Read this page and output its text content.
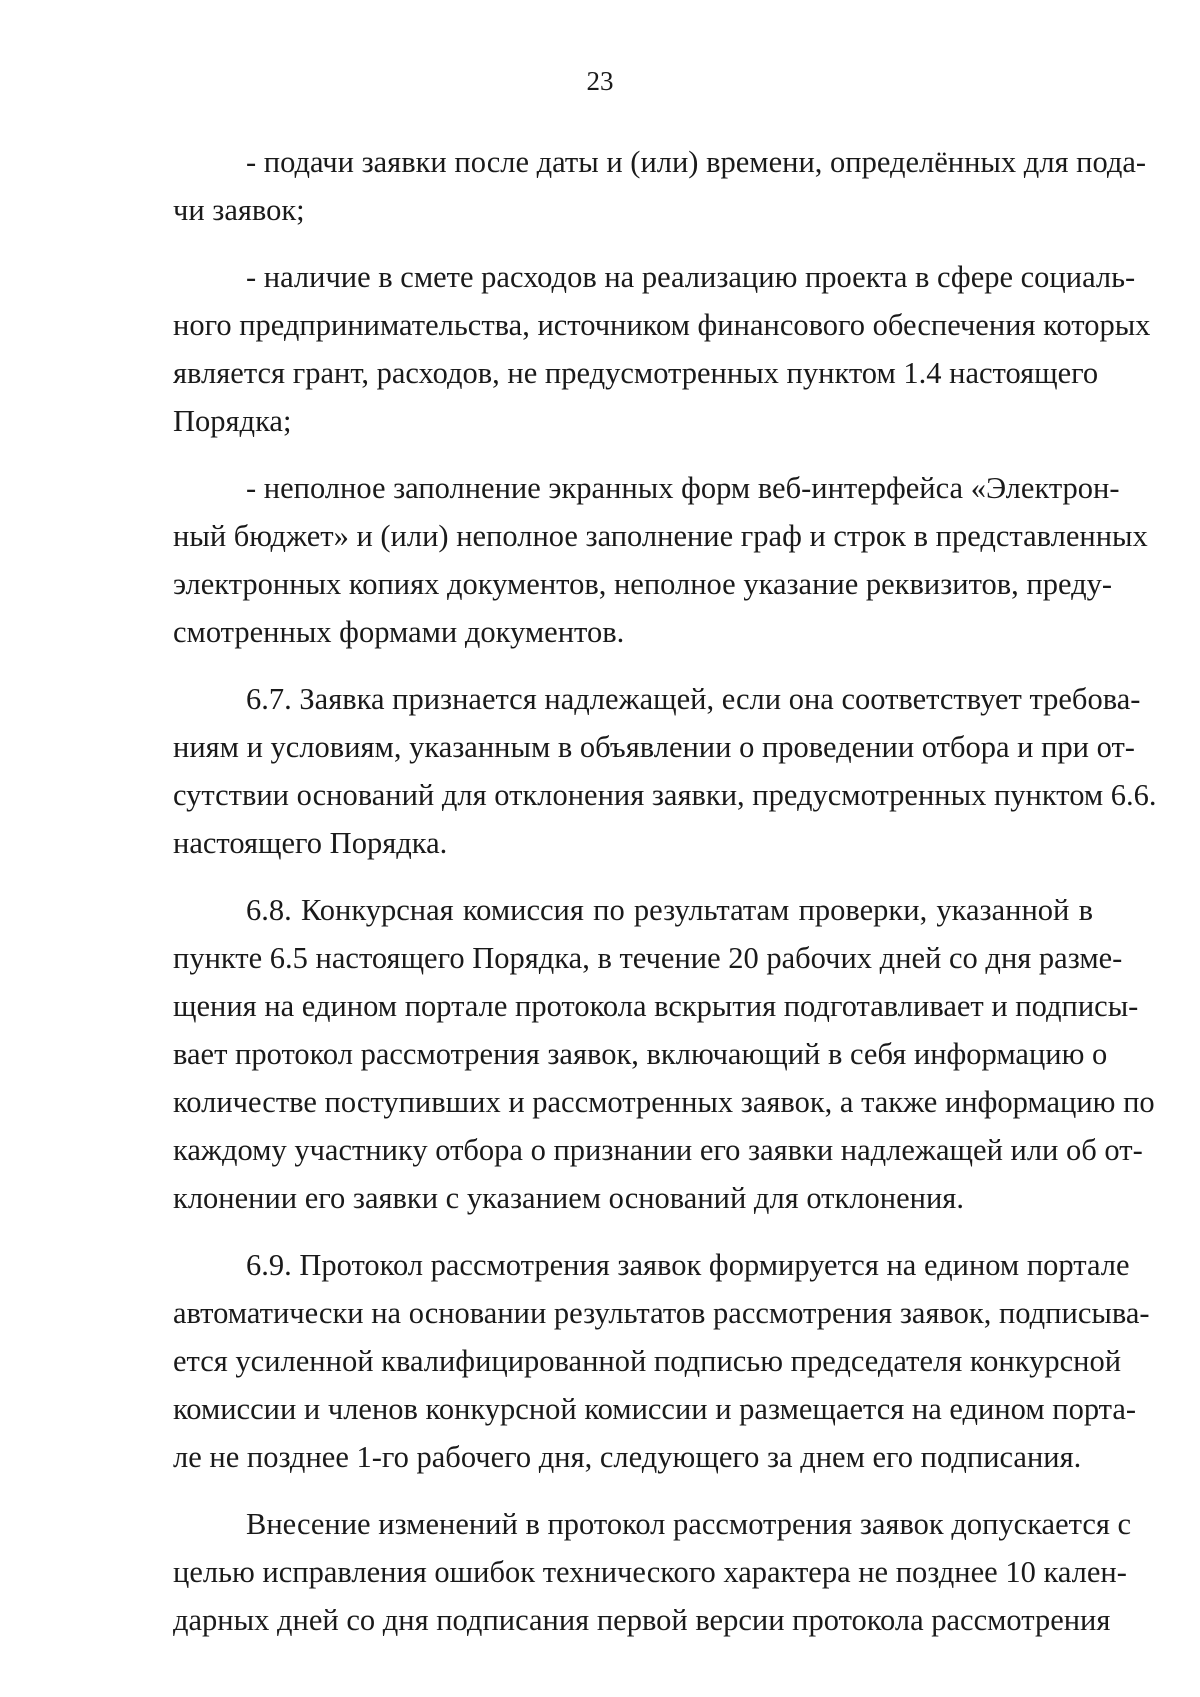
23
- подачи заявки после даты и (или) времени, определённых для пода-
чи заявок;
- наличие в смете расходов на реализацию проекта в сфере социаль-
ного предпринимательства, источником финансового обеспечения которых
является грант, расходов, не предусмотренных пунктом 1.4 настоящего
Порядка;
- неполное заполнение экранных форм веб-интерфейса «Электрон-
ный бюджет» и (или) неполное заполнение граф и строк в представленных
электронных копиях документов, неполное указание реквизитов, преду-
смотренных формами документов.
6.7. Заявка признается надлежащей, если она соответствует требова-
ниям и условиям, указанным в объявлении о проведении отбора и при от-
сутствии оснований для отклонения заявки, предусмотренных пунктом 6.6.
настоящего Порядка.
6.8. Конкурсная комиссия по результатам проверки, указанной в
пункте 6.5 настоящего Порядка, в течение 20 рабочих дней со дня разме-
щения на едином портале протокола вскрытия подготавливает и подписы-
вает протокол рассмотрения заявок, включающий в себя информацию о
количестве поступивших и рассмотренных заявок, а также информацию по
каждому участнику отбора о признании его заявки надлежащей или об от-
клонении его заявки с указанием оснований для отклонения.
6.9. Протокол рассмотрения заявок формируется на едином портале
автоматически на основании результатов рассмотрения заявок, подписыва-
ется усиленной квалифицированной подписью председателя конкурсной
комиссии и членов конкурсной комиссии и размещается на едином порта-
ле не позднее 1-го рабочего дня, следующего за днем его подписания.
Внесение изменений в протокол рассмотрения заявок допускается с
целью исправления ошибок технического характера не позднее 10 кален-
дарных дней со дня подписания первой версии протокола рассмотрения
